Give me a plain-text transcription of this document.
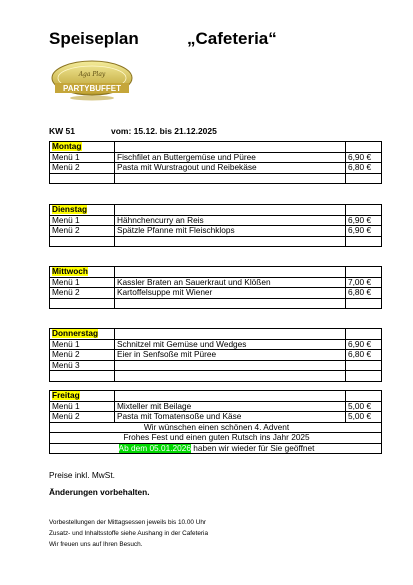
Speiseplan	„Cafeteria“
Aga Play
PARTYBUFFET
KW 51	vom: 15.12. bis 21.12.2025
Montag		
Menü 1	Fischfilet an Buttergemüse und Püree	6,90 €
Menü 2	Pasta mit Wurstragout und Reibekäse	6,80 €

Dienstag		
Menü 1	Hähnchencurry an Reis	6,90 €
Menü 2	Spätzle Pfanne mit Fleischklops	6,90 €

Mittwoch		
Menü 1	Kassler Braten an Sauerkraut und Klößen	7,00 €
Menü 2	Kartoffelsuppe mit Wiener	6,80 €

Donnerstag		
Menü 1	Schnitzel mit Gemüse und Wedges	6,90 €
Menü 2	Eier in Senfsoße mit Püree	6,80 €
Menü 3		

Freitag		
Menü 1	Mixteller mit Beilage	5,00 €
Menü 2	Pasta mit Tomatensoße und Käse	5,00 €
Wir wünschen einen schönen 4. Advent		
Frohes Fest und einen guten Rutsch ins Jahr 2025		
Ab dem 05.01.2026 haben wir wieder für Sie geöffnet		
Preise inkl. MwSt.
Änderungen vorbehalten.
Vorbestellungen der Mittagsessen jeweils bis 10.00 Uhr
Zusatz- und Inhaltsstoffe siehe Aushang in der Cafeteria
Wir freuen uns auf Ihren Besuch.
